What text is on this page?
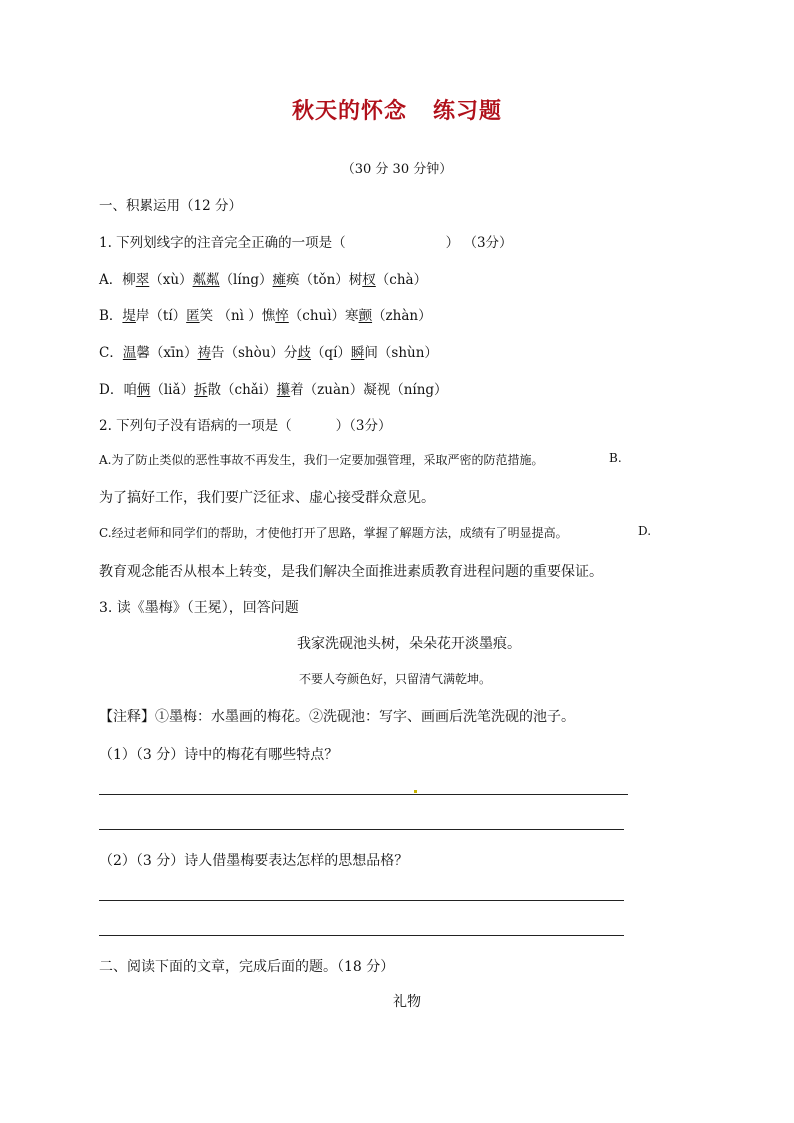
秋天的怀念 练习题
（30 分 30 分钟）
一、积累运用（12 分）
1. 下列划线字的注音完全正确的一项是（	） （3分）
A．柳翠（xù）粼粼（líng）瘫痪（tǒn）树杈（chà）
B．堤岸（tí）匿笑 （nì ）憔悴（chuì）寒颤（zhàn）
C．温馨（xīn）祷告（shòu）分歧（qí）瞬间（shùn）
D．咱俩（liǎ）拆散（chǎi）攥着（zuàn）凝视（níng）
2. 下列句子没有语病的一项是（	）（3分）
A.为了防止类似的恶性事故不再发生，我们一定要加强管理，采取严密的防范措施。	B.
为了搞好工作，我们要广泛征求、虚心接受群众意见。
C.经过老师和同学们的帮助，才使他打开了思路，掌握了解题方法，成绩有了明显提高。	D.
教育观念能否从根本上转变，是我们解决全面推进素质教育进程问题的重要保证。
3. 读《墨梅》（王冕），回答问题
我家洗砚池头树，朵朵花开淡墨痕。
不要人夸颜色好，只留清气满乾坤。
【注释】①墨梅：水墨画的梅花。②洗砚池：写字、画画后洗笔洗砚的池子。
（1）（3 分）诗中的梅花有哪些特点？
（2）（3 分）诗人借墨梅要表达怎样的思想品格？
二、阅读下面的文章，完成后面的题。（18 分）
礼物
